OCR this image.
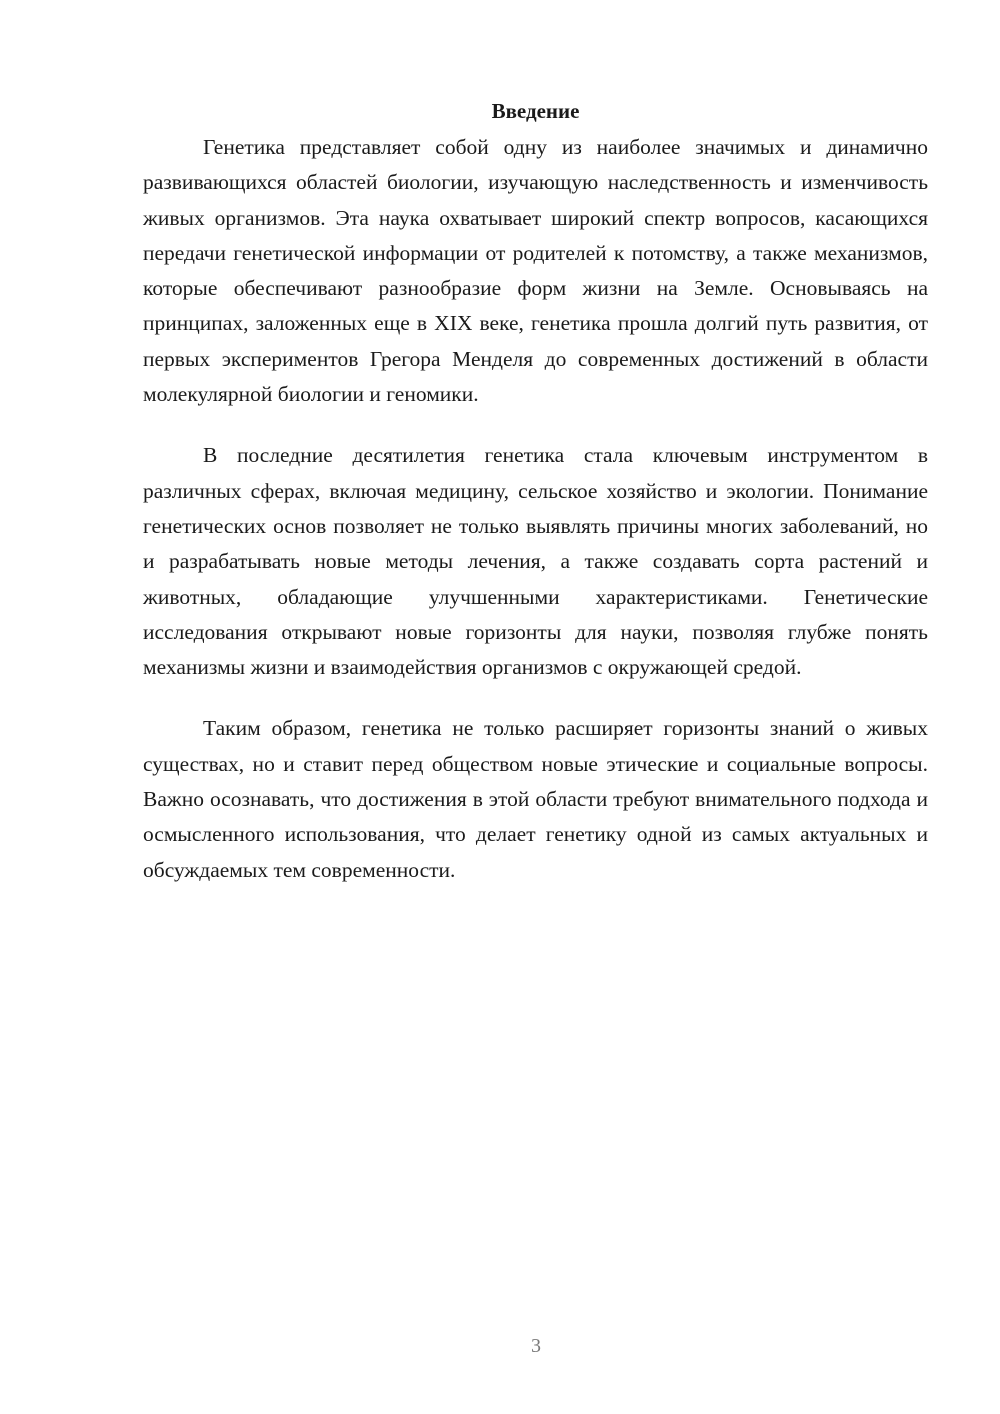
Введение

Генетика представляет собой одну из наиболее значимых и динамично развивающихся областей биологии, изучающую наследственность и изменчивость живых организмов. Эта наука охватывает широкий спектр вопросов, касающихся передачи генетической информации от родителей к потомству, а также механизмов, которые обеспечивают разнообразие форм жизни на Земле. Основываясь на принципах, заложенных еще в XIX веке, генетика прошла долгий путь развития, от первых экспериментов Грегора Менделя до современных достижений в области молекулярной биологии и геномики.

В последние десятилетия генетика стала ключевым инструментом в различных сферах, включая медицину, сельское хозяйство и экологии. Понимание генетических основ позволяет не только выявлять причины многих заболеваний, но и разрабатывать новые методы лечения, а также создавать сорта растений и животных, обладающие улучшенными характеристиками. Генетические исследования открывают новые горизонты для науки, позволяя глубже понять механизмы жизни и взаимодействия организмов с окружающей средой.

Таким образом, генетика не только расширяет горизонты знаний о живых существах, но и ставит перед обществом новые этические и социальные вопросы. Важно осознавать, что достижения в этой области требуют внимательного подхода и осмысленного использования, что делает генетику одной из самых актуальных и обсуждаемых тем современности.

3
